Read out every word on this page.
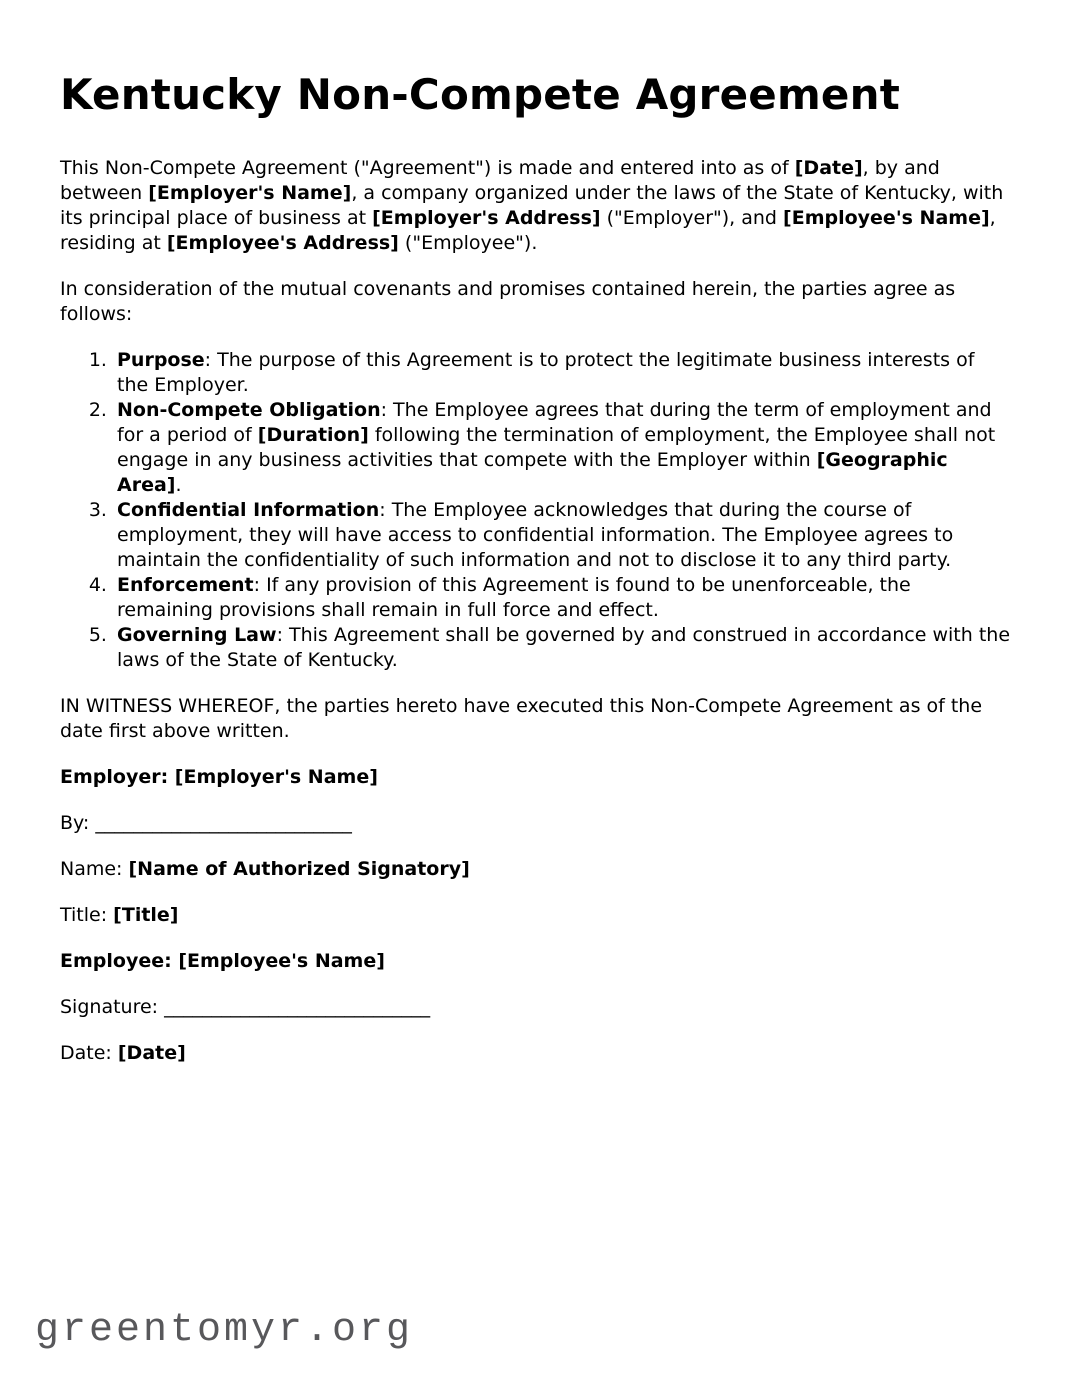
Kentucky Non-Compete Agreement

This Non-Compete Agreement ("Agreement") is made and entered into as of [Date], by and between [Employer's Name], a company organized under the laws of the State of Kentucky, with its principal place of business at [Employer's Address] ("Employer"), and [Employee's Name], residing at [Employee's Address] ("Employee").

In consideration of the mutual covenants and promises contained herein, the parties agree as follows:

1. Purpose: The purpose of this Agreement is to protect the legitimate business interests of the Employer.
2. Non-Compete Obligation: The Employee agrees that during the term of employment and for a period of [Duration] following the termination of employment, the Employee shall not engage in any business activities that compete with the Employer within [Geographic Area].
3. Confidential Information: The Employee acknowledges that during the course of employment, they will have access to confidential information. The Employee agrees to maintain the confidentiality of such information and not to disclose it to any third party.
4. Enforcement: If any provision of this Agreement is found to be unenforceable, the remaining provisions shall remain in full force and effect.
5. Governing Law: This Agreement shall be governed by and construed in accordance with the laws of the State of Kentucky.

IN WITNESS WHEREOF, the parties hereto have executed this Non-Compete Agreement as of the date first above written.

Employer: [Employer's Name]

By: ___________________________

Name: [Name of Authorized Signatory]

Title: [Title]

Employee: [Employee's Name]

Signature: ____________________________

Date: [Date]

greentomyr.org
